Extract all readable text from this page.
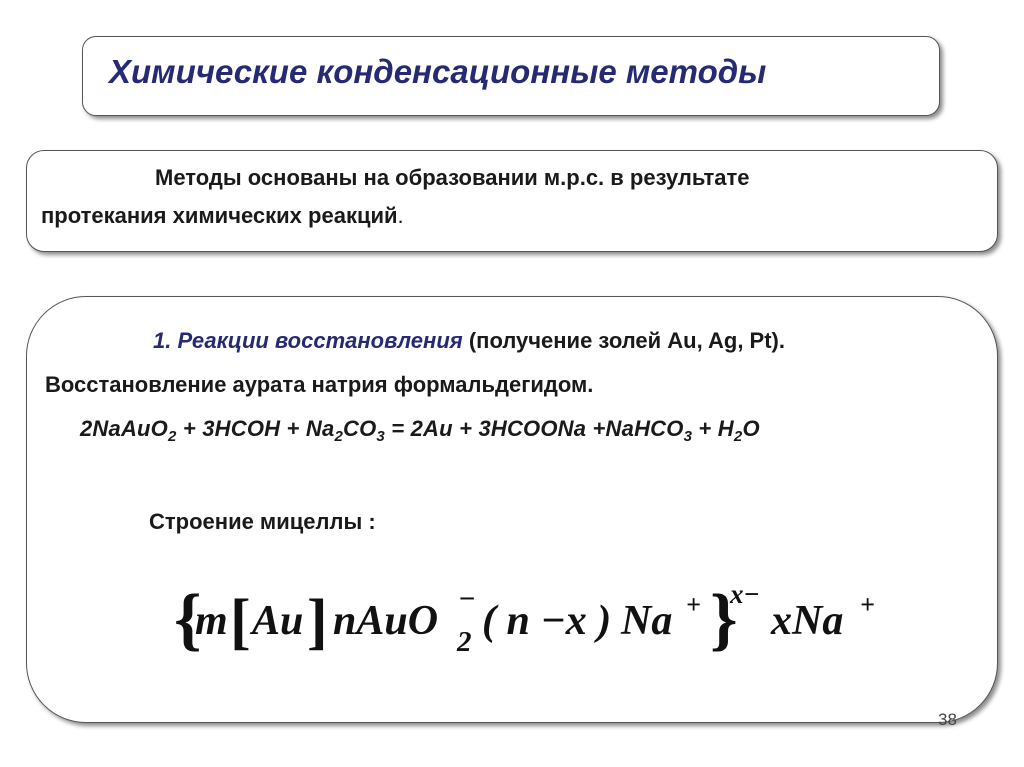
Химические конденсационные методы
Методы основаны на образовании м.р.с. в результате
протекания химических реакций.
1. Реакции восстановления (получение золей Au, Ag, Pt).
Восстановление аурата натрия формальдегидом.
2NaAuO$_2$ + 3HCOH + $Na_2CO_3 = 2Au$ + 3HCOONa +NaHCO$_3$ + $H_2O$
Строение мицеллы :
{
m [ Au ] nAuO 2
− ( n −x ) Na + }
x−
xNa +
38
